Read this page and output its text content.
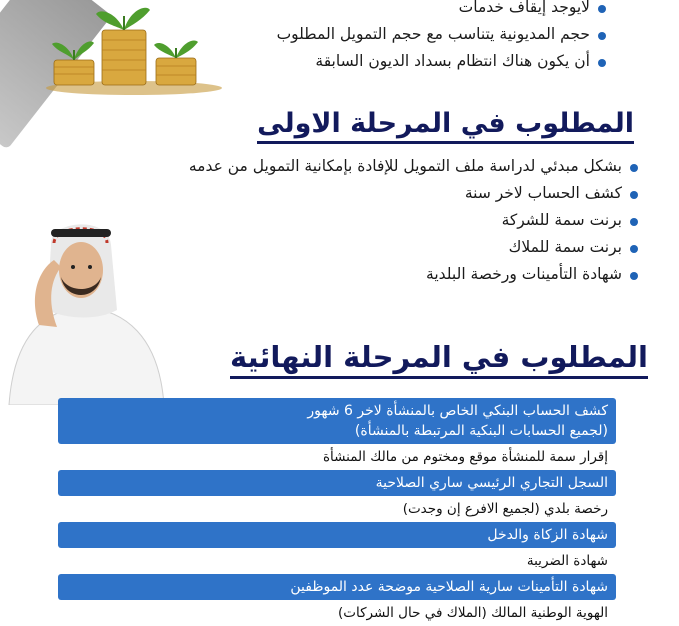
لايوجد إيقاف خدمات
حجم المديونية يتناسب مع حجم التمويل المطلوب
أن يكون هناك انتظام بسداد الديون السابقة
المطلوب في المرحلة الاولى
بشكل مبدئي لدراسة ملف التمويل للإفادة بإمكانية التمويل من عدمه
كشف الحساب لاخر سنة
برنت سمة للشركة
برنت سمة للملاك
شهادة التأمينات ورخصة البلدية
المطلوب في المرحلة النهائية
كشف الحساب البنكي الخاص بالمنشأة لاخر 6 شهور
(لجميع الحسابات البنكية المرتبطة بالمنشأة)
إقرار سمة للمنشأة موقع ومختوم من مالك المنشأة
السجل التجاري الرئيسي ساري الصلاحية
رخصة بلدي (لجميع الافرع إن وجدت)
شهادة الزكاة والدخل
شهادة الضريبة
شهادة التأمينات سارية الصلاحية موضحة عدد الموظفين
الهوية الوطنية المالك (الملاك في حال الشركات)
